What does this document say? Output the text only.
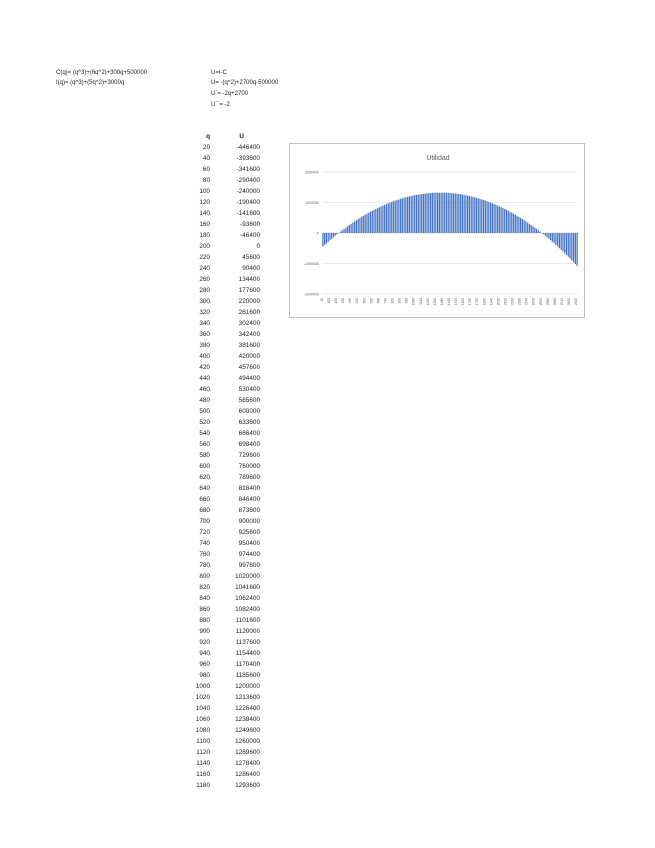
C(q)= (q^3)+(6q^2)+300q+500000
I(q)= (q^3)+(5q^2)+3000q
U=I-C
U= -(q^2)+2700q-500000
U´= -2q+2700
U´´= -2
q	U
20	-446400
40	-393600
60	-341600
80	-290400
100	-240000
120	-190400
140	-141600
160	-93600
180	-46400
200	0
220	45600
240	90400
260	134400
280	177600
300	220000
320	261600
340	302400
360	342400
380	381600
400	420000
420	457600
440	494400
460	530400
480	565600
500	600000
520	633600
540	666400
560	698400
580	729600
600	760000
620	789600
640	818400
660	846400
680	873600
700	900000
720	925600
740	950400
760	974400
780	997600
800	1020000
820	1041600
840	1062400
860	1082400
880	1101600
900	1120000
920	1137600
940	1154400
960	1170400
980	1185600
1000	1200000
1020	1213600
1040	1226400
1060	1238400
1080	1249600
1100	1260000
1120	1269600
1140	1278400
1160	1286400
1180	1293600
Utilidad
-2000000
-1000000
0
1000000
2000000
20 100 180 260 340 420 500 580 660 740 820 900 980 1060 1140 1220 1300 1380 1460 1540 1620 1700 1780 1860 1940 2020 2100 2180 2260 2340 2420 2500 2580 2660 2740 2820 2900
